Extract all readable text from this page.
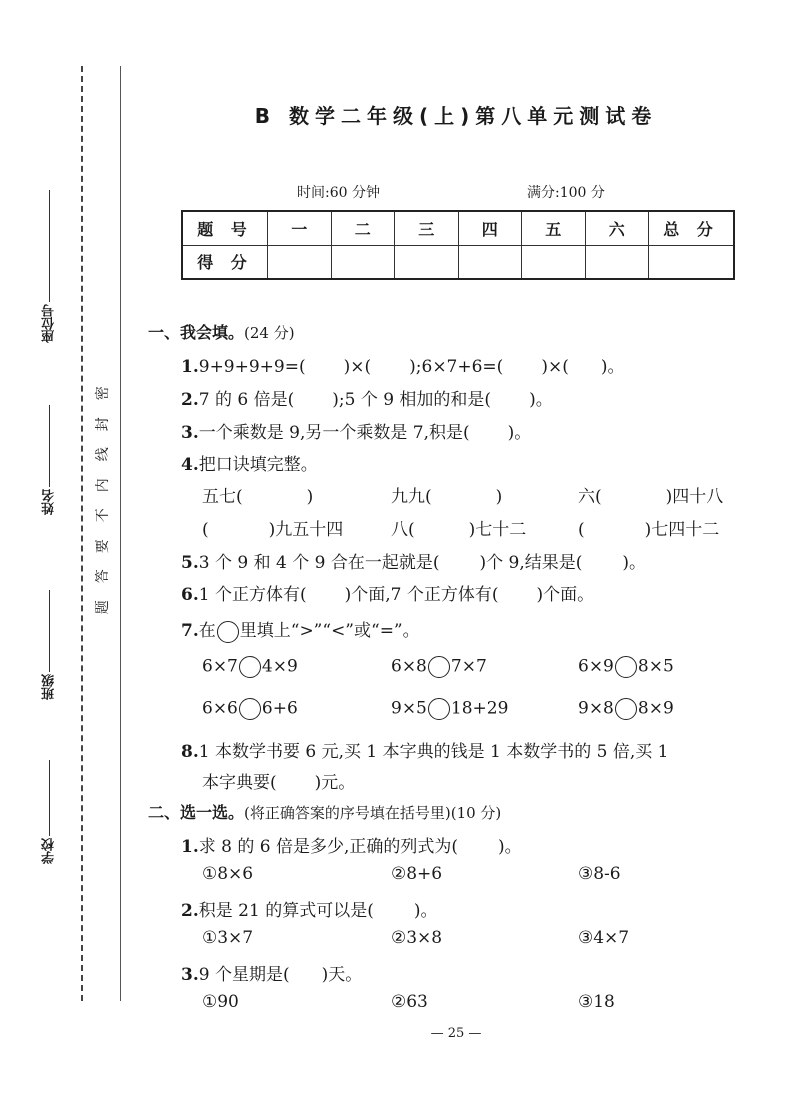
座位号
姓名
班级
学校
密
封
线
内
不
要
答
题
B 数学二年级(上)第八单元测试卷
时间:60 分钟	满分:100 分
题 号	一	二	三	四	五	六	总 分
得 分							
一、我会填。(24 分)
1.9+9+9+9=( )×( );6×7+6=( )×( )。
2.7 的 6 倍是( );5 个 9 相加的和是( )。
3.一个乘数是 9,另一个乘数是 7,积是( )。
4.把口诀填完整。
五七(	)	九九(	)	六(	)四十八
(	)九五十四	八(	)七十二	(	)七四十二
5.3 个 9 和 4 个 9 合在一起就是( )个 9,结果是( )。
6.1 个正方体有( )个面,7 个正方体有( )个面。
7.在 里填上“>”“<”或“=”。
6×7 4×9	6×8 7×7	6×9 8×5
6×6 6+6	9×5 18+29	9×8 8×9
8.1 本数学书要 6 元,买 1 本字典的钱是 1 本数学书的 5 倍,买 1
本字典要( )元。
二、选一选。(将正确答案的序号填在括号里)(10 分)
1.求 8 的 6 倍是多少,正确的列式为( )。
①8×6	②8+6	③8-6
2.积是 21 的算式可以是( )。
①3×7	②3×8	③4×7
3.9 个星期是( )天。
①90	②63	③18
— 25 —
